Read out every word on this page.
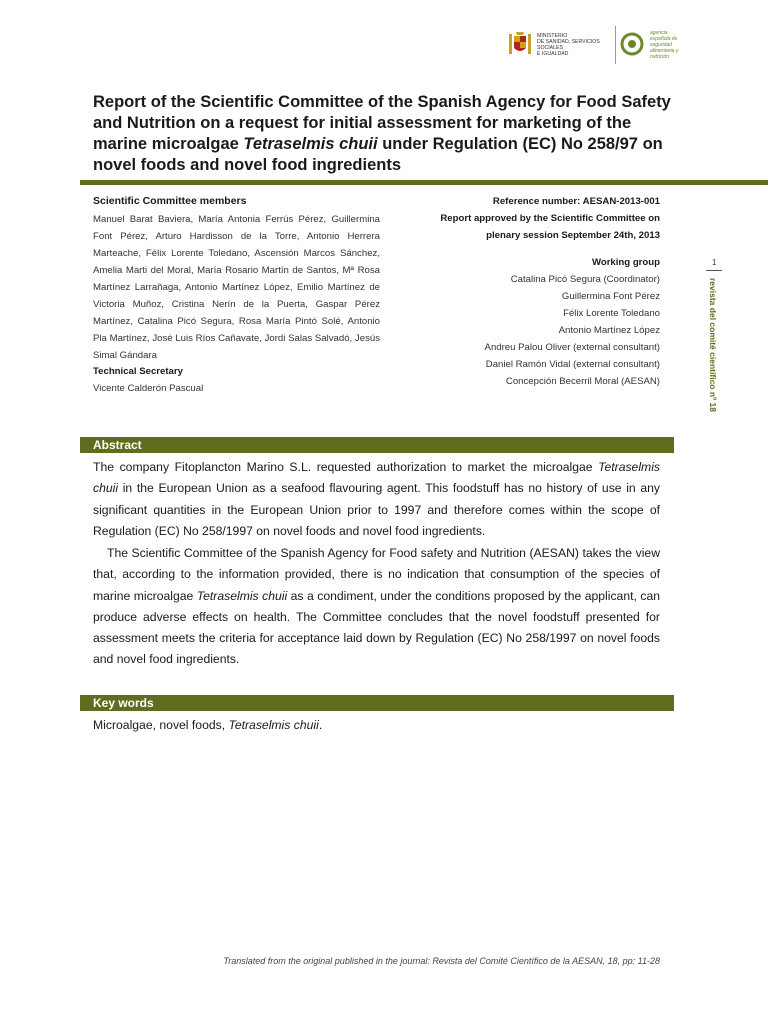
MINISTERIO
DE SANIDAD, SERVICIOS SOCIALES
E IGUALDAD
agencia
española de
seguridad
alimentaria y
nutrición
Report of the Scientific Committee of the Spanish Agency for Food Safety and Nutrition on a request for initial assessment for marketing of the marine microalgae Tetraselmis chuii under Regulation (EC) No 258/97 on novel foods and novel food ingredients
Scientific Committee members
Manuel Barat Baviera, María Antonia Ferrús Pérez, Guillermina Font Pérez, Arturo Hardisson de la Torre, Antonio Herrera Marteache, Félix Lorente Toledano, Ascensión Marcos Sánchez, Amelia Marti del Moral, María Rosario Martín de Santos, Mª Rosa Martínez Larrañaga, Antonio Martínez López, Emilio Martínez de Victoria Muñoz, Cristina Nerín de la Puerta, Gaspar Pérez Martínez, Catalina Picó Segura, Rosa María Pintó Solé, Antonio Pla Martínez, José Luis Ríos Cañavate, Jordi Salas Salvadó, Jesús Simal Gándara
Technical Secretary
Vicente Calderón Pascual
Reference number: AESAN-2013-001
Report approved by the Scientific Committee on
plenary session September 24th, 2013
Working group
Catalina Picó Segura (Coordinator)
Guillermina Font Pérez
Félix Lorente Toledano
Antonio Martínez López
Andreu Palou Oliver (external consultant)
Daniel Ramón Vidal (external consultant)
Concepción Becerril Moral (AESAN)
1
revista del comité científico nº 18
Abstract

The company Fitoplancton Marino S.L. requested authorization to market the microalgae Tetraselmis chuii in the European Union as a seafood flavouring agent. This foodstuff has no history of use in any significant quantities in the European Union prior to 1997 and therefore comes within the scope of Regulation (EC) No 258/1997 on novel foods and novel food ingredients.

The Scientific Committee of the Spanish Agency for Food safety and Nutrition (AESAN) takes the view that, according to the information provided, there is no indication that consumption of the species of marine microalgae Tetraselmis chuii as a condiment, under the conditions proposed by the applicant, can produce adverse effects on health. The Committee concludes that the novel foodstuff presented for assessment meets the criteria for acceptance laid down by Regulation (EC) No 258/1997 on novel foods and novel food ingredients.

Key words

Microalgae, novel foods, Tetraselmis chuii.

Translated from the original published in the journal: Revista del Comité Científico de la AESAN, 18, pp: 11-28
